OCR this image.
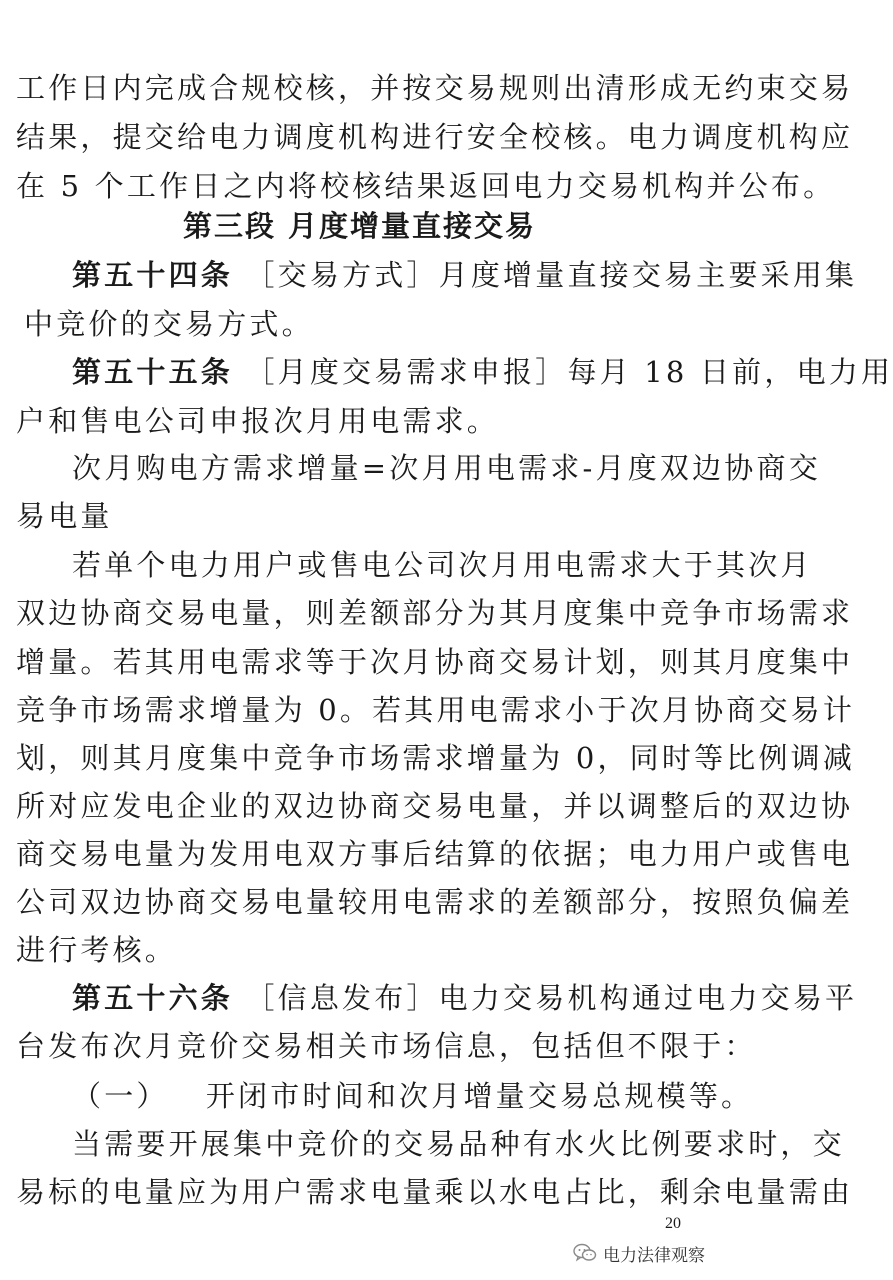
工作日内完成合规校核，并按交易规则出清形成无约束交易
结果，提交给电力调度机构进行安全校核。电力调度机构应
在 5 个工作日之内将校核结果返回电力交易机构并公布。
第三段 月度增量直接交易
第五十四条 ［交易方式］月度增量直接交易主要采用集
中竞价的交易方式。
第五十五条 ［月度交易需求申报］每月 18 日前，电力用
户和售电公司申报次月用电需求。
次月购电方需求增量=次月用电需求-月度双边协商交
易电量
若单个电力用户或售电公司次月用电需求大于其次月
双边协商交易电量，则差额部分为其月度集中竞争市场需求
增量。若其用电需求等于次月协商交易计划，则其月度集中
竞争市场需求增量为 0。若其用电需求小于次月协商交易计
划，则其月度集中竞争市场需求增量为 0，同时等比例调减
所对应发电企业的双边协商交易电量，并以调整后的双边协
商交易电量为发用电双方事后结算的依据；电力用户或售电
公司双边协商交易电量较用电需求的差额部分，按照负偏差
进行考核。
第五十六条 ［信息发布］电力交易机构通过电力交易平
台发布次月竞价交易相关市场信息，包括但不限于：
（一）   开闭市时间和次月增量交易总规模等。
当需要开展集中竞价的交易品种有水火比例要求时，交
易标的电量应为用户需求电量乘以水电占比，剩余电量需由
20
电力法律观察
